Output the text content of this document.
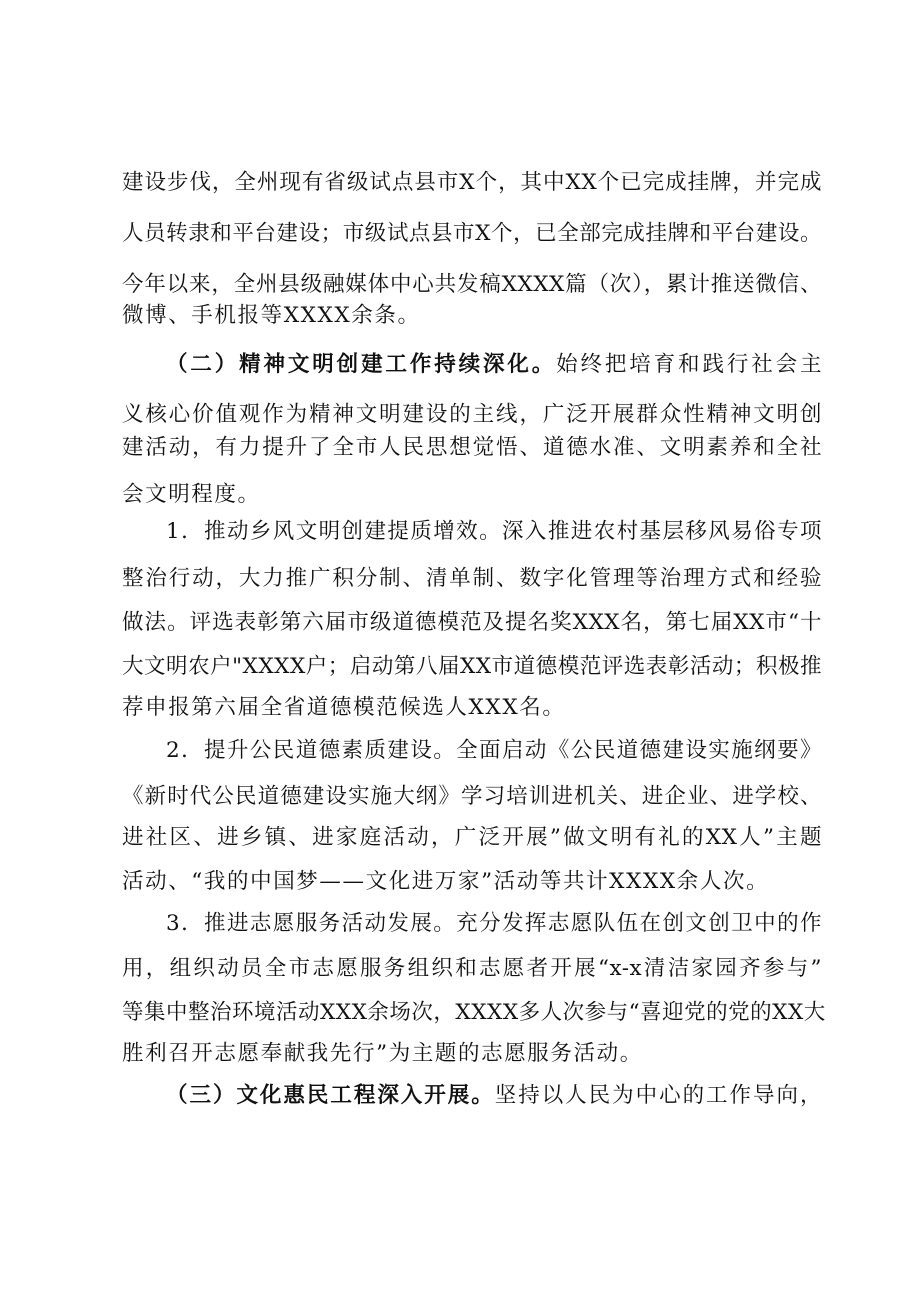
建设步伐，全州现有省级试点县市X个，其中XX个已完成挂牌，并完成
人员转隶和平台建设；市级试点县市X个，已全部完成挂牌和平台建设。
今年以来，全州县级融媒体中心共发稿XXXX篇（次），累计推送微信、
微博、手机报等XXXX余条。
（二）精神文明创建工作持续深化。始终把培育和践行社会主
义核心价值观作为精神文明建设的主线，广泛开展群众性精神文明创
建活动，有力提升了全市人民思想觉悟、道德水准、文明素养和全社
会文明程度。
1．推动乡风文明创建提质增效。深入推进农村基层移风易俗专项
整治行动，大力推广积分制、清单制、数字化管理等治理方式和经验
做法。评选表彰第六届市级道德模范及提名奖XXX名，第七届XX市“十
大文明农户"XXXX户；启动第八届XX市道德模范评选表彰活动；积极推
荐申报第六届全省道德模范候选人XXX名。
2．提升公民道德素质建设。全面启动《公民道德建设实施纲要》
《新时代公民道德建设实施大纲》学习培训进机关、进企业、进学校、
进社区、进乡镇、进家庭活动，广泛开展”做文明有礼的XX人”主题
活动、“我的中国梦——文化进万家”活动等共计XXXX余人次。
3．推进志愿服务活动发展。充分发挥志愿队伍在创文创卫中的作
用，组织动员全市志愿服务组织和志愿者开展“x-x清洁家园齐参与”
等集中整治环境活动XXX余场次，XXXX多人次参与“喜迎党的党的XX大
胜利召开志愿奉献我先行”为主题的志愿服务活动。
（三）文化惠民工程深入开展。坚持以人民为中心的工作导向，
